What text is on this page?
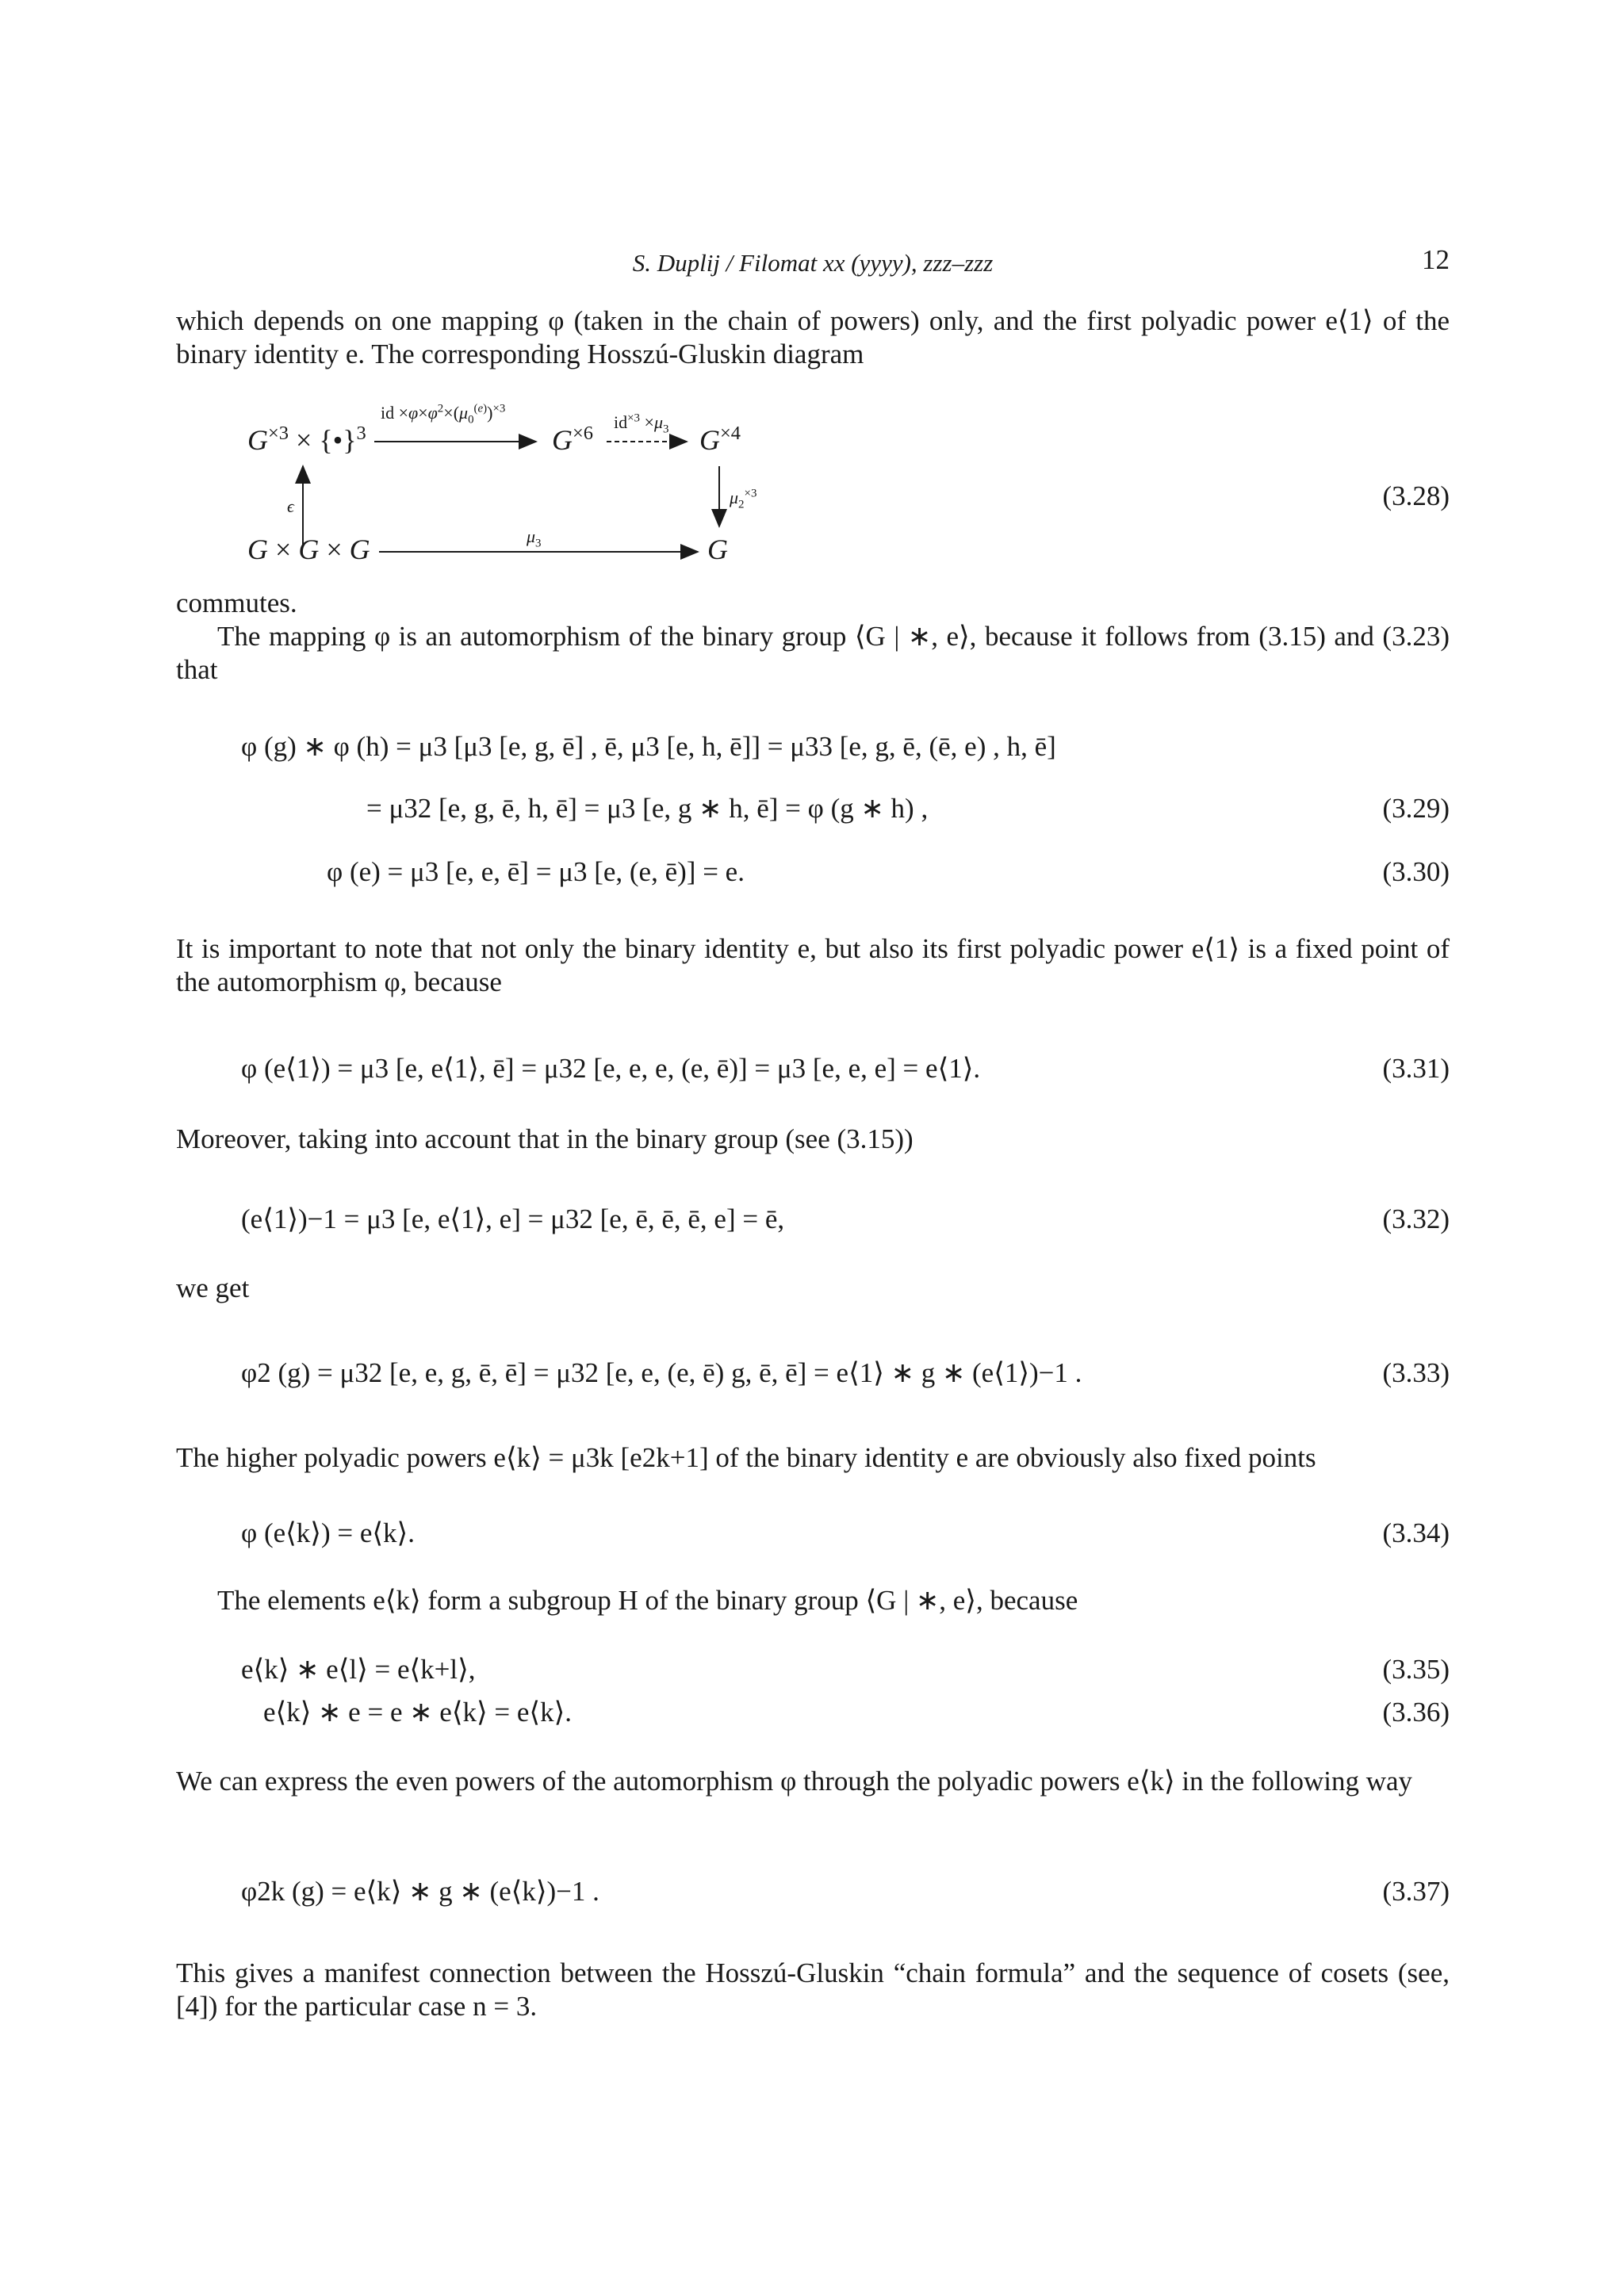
S. Duplij / Filomat xx (yyyy), zzz–zzz	12

which depends on one mapping φ (taken in the chain of powers) only, and the first polyadic power e⟨1⟩ of the binary identity e. The corresponding Hosszú-Gluskin diagram

$G^{\times 3}$ × {•}$^3$	$G^{\times 6}$	$G^{\times 4}$
G × G × G	G
id $\times\varphi\times\varphi^2\times(\mu_0^{(e)})^{\times 3}$
$id^{\times 3} \times\mu_3$
ϵ	$\mu_2^{\times 3}$
$\mu_3$
(3.28)

commutes.

The mapping φ is an automorphism of the binary group ⟨G | ∗, e⟩, because it follows from (3.15) and (3.23) that

φ (g) ∗ φ (h) = μ3 [μ3 [e, g, ē] , ē, μ3 [e, h, ē]] = μ33 [e, g, ē, (ē, e) , h, ē]
= μ32 [e, g, ē, h, ē] = μ3 [e, g ∗ h, ē] = φ (g ∗ h) ,	(3.29)
φ (e) = μ3 [e, e, ē] = μ3 [e, (e, ē)] = e.	(3.30)

It is important to note that not only the binary identity e, but also its first polyadic power e⟨1⟩ is a fixed point of the automorphism φ, because

φ (e⟨1⟩) = μ3 [e, e⟨1⟩, ē] = μ32 [e, e, e, (e, ē)] = μ3 [e, e, e] = e⟨1⟩.	(3.31)

Moreover, taking into account that in the binary group (see (3.15))

(e⟨1⟩)−1 = μ3 [e, e⟨1⟩, e] = μ32 [e, ē, ē, ē, e] = ē,	(3.32)

we get

φ2 (g) = μ32 [e, e, g, ē, ē] = μ32 [e, e, (e, ē) g, ē, ē] = e⟨1⟩ ∗ g ∗ (e⟨1⟩)−1 .	(3.33)

The higher polyadic powers e⟨k⟩ = μ3k [e2k+1] of the binary identity e are obviously also fixed points

φ (e⟨k⟩) = e⟨k⟩.	(3.34)

The elements e⟨k⟩ form a subgroup H of the binary group ⟨G | ∗, e⟩, because

e⟨k⟩ ∗ e⟨l⟩ = e⟨k+l⟩,	(3.35)
e⟨k⟩ ∗ e = e ∗ e⟨k⟩ = e⟨k⟩.	(3.36)

We can express the even powers of the automorphism φ through the polyadic powers e⟨k⟩ in the following way

φ2k (g) = e⟨k⟩ ∗ g ∗ (e⟨k⟩)−1 .	(3.37)

This gives a manifest connection between the Hosszú-Gluskin “chain formula” and the sequence of cosets (see, [4]) for the particular case n = 3.
